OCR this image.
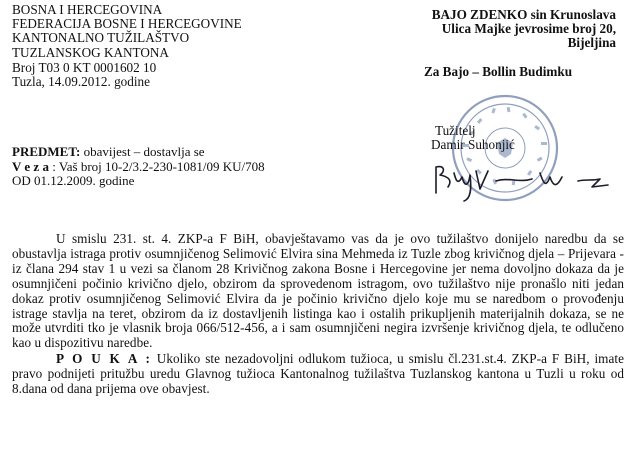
BOSNA I HERCEGOVINA
FEDERACIJA BOSNE I HERCEGOVINE
KANTONALNO TUŽILAŠTVO
TUZLANSKOG KANTONA
Broj T03 0 KT 0001602 10
Tuzla, 14.09.2012. godine
BAJO ZDENKO sin Krunoslava
Ulica Majke jevrosime broj 20,
Bijeljina
Za Bajo – Bollin Budimku
Tužitelj
Damir Suhonjić
PREDMET: obavijest – dostavlja se
V e z a : Vaš broj 10-2/3.2-230-1081/09 KU/708
OD 01.12.2009. godine

U smislu 231. st. 4. ZKP-a F BiH, obavještavamo vas da je ovo tužilaštvo donijelo naredbu da se obustavlja istraga protiv osumnjičenog Selimović Elvira sina Mehmeda iz Tuzle zbog krivičnog djela – Prijevara - iz člana 294 stav 1 u vezi sa članom 28 Krivičnog zakona Bosne i Hercegovine jer nema dovoljno dokaza da je osumnjičeni počinio krivično djelo, obzirom da sprovedenom istragom, ovo tužilaštvo nije pronašlo niti jedan dokaz protiv osumnjičenog Selimović Elvira da je počinio krivično djelo koje mu se naredbom o provođenju istrage stavlja na teret, obzirom da iz dostavljenih listinga kao i ostalih prikupljenih materijalnih dokaza, se ne može utvrditi tko je vlasnik broja 066/512-456, a i sam osumnjičeni negira izvršenje krivičnog djela, te odlučeno kao u dispozitivu naredbe.

P O U K A : Ukoliko ste nezadovoljni odlukom tužioca, u smislu čl.231.st.4. ZKP-a F BiH, imate pravo podnijeti pritužbu uredu Glavnog tužioca Kantonalnog tužilaštva Tuzlanskog kantona u Tuzli u roku od 8.dana od dana prijema ove obavjest.
